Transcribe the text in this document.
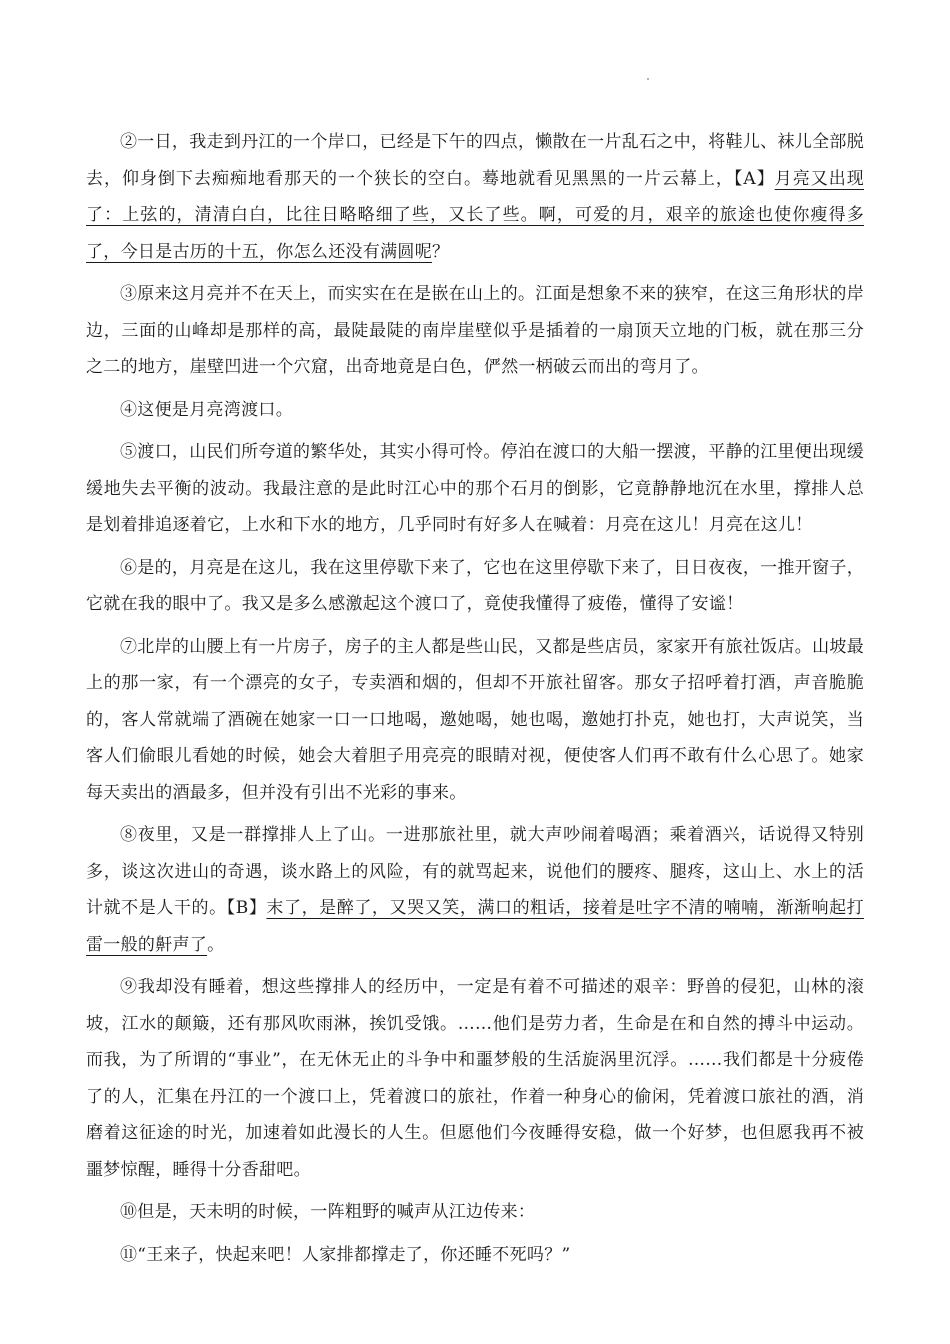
②一日，我走到丹江的一个岸口，已经是下午的四点，懒散在一片乱石之中，将鞋儿、袜儿全部脱去，仰身倒下去痴痴地看那天的一个狭长的空白。蓦地就看见黑黑的一片云幕上，【A】月亮又出现了：上弦的，清清白白，比往日略略细了些，又长了些。啊，可爱的月，艰辛的旅途也使你瘦得多了，今日是古历的十五，你怎么还没有满圆呢？

③原来这月亮并不在天上，而实实在在是嵌在山上的。江面是想象不来的狭窄，在这三角形状的岸边，三面的山峰却是那样的高，最陡最陡的南岸崖壁似乎是插着的一扇顶天立地的门板，就在那三分之二的地方，崖壁凹进一个穴窟，出奇地竟是白色，俨然一柄破云而出的弯月了。

④这便是月亮湾渡口。

⑤渡口，山民们所夸道的繁华处，其实小得可怜。停泊在渡口的大船一摆渡，平静的江里便出现缓缓地失去平衡的波动。我最注意的是此时江心中的那个石月的倒影，它竟静静地沉在水里，撑排人总是划着排追逐着它，上水和下水的地方，几乎同时有好多人在喊着：月亮在这儿！月亮在这儿！

⑥是的，月亮是在这儿，我在这里停歇下来了，它也在这里停歇下来了，日日夜夜，一推开窗子，它就在我的眼中了。我又是多么感激起这个渡口了，竟使我懂得了疲倦，懂得了安谧！

⑦北岸的山腰上有一片房子，房子的主人都是些山民，又都是些店员，家家开有旅社饭店。山坡最上的那一家，有一个漂亮的女子，专卖酒和烟的，但却不开旅社留客。那女子招呼着打酒，声音脆脆的，客人常就端了酒碗在她家一口一口地喝，邀她喝，她也喝，邀她打扑克，她也打，大声说笑，当客人们偷眼儿看她的时候，她会大着胆子用亮亮的眼睛对视，便使客人们再不敢有什么心思了。她家每天卖出的酒最多，但并没有引出不光彩的事来。

⑧夜里，又是一群撑排人上了山。一进那旅社里，就大声吵闹着喝酒；乘着酒兴，话说得又特别多，谈这次进山的奇遇，谈水路上的风险，有的就骂起来，说他们的腰疼、腿疼，这山上、水上的活计就不是人干的。【B】末了，是醉了，又哭又笑，满口的粗话，接着是吐字不清的喃喃，渐渐响起打雷一般的鼾声了。

⑨我却没有睡着，想这些撑排人的经历中，一定是有着不可描述的艰辛：野兽的侵犯，山林的滚坡，江水的颠簸，还有那风吹雨淋，挨饥受饿。……他们是劳力者，生命是在和自然的搏斗中运动。而我，为了所谓的“事业”，在无休无止的斗争中和噩梦般的生活旋涡里沉浮。……我们都是十分疲倦了的人，汇集在丹江的一个渡口上，凭着渡口的旅社，作着一种身心的偷闲，凭着渡口旅社的酒，消磨着这征途的时光，加速着如此漫长的人生。但愿他们今夜睡得安稳，做一个好梦，也但愿我再不被噩梦惊醒，睡得十分香甜吧。

⑩但是，天未明的时候，一阵粗野的喊声从江边传来：

⑪“王来子，快起来吧！人家排都撑走了，你还睡不死吗？”
